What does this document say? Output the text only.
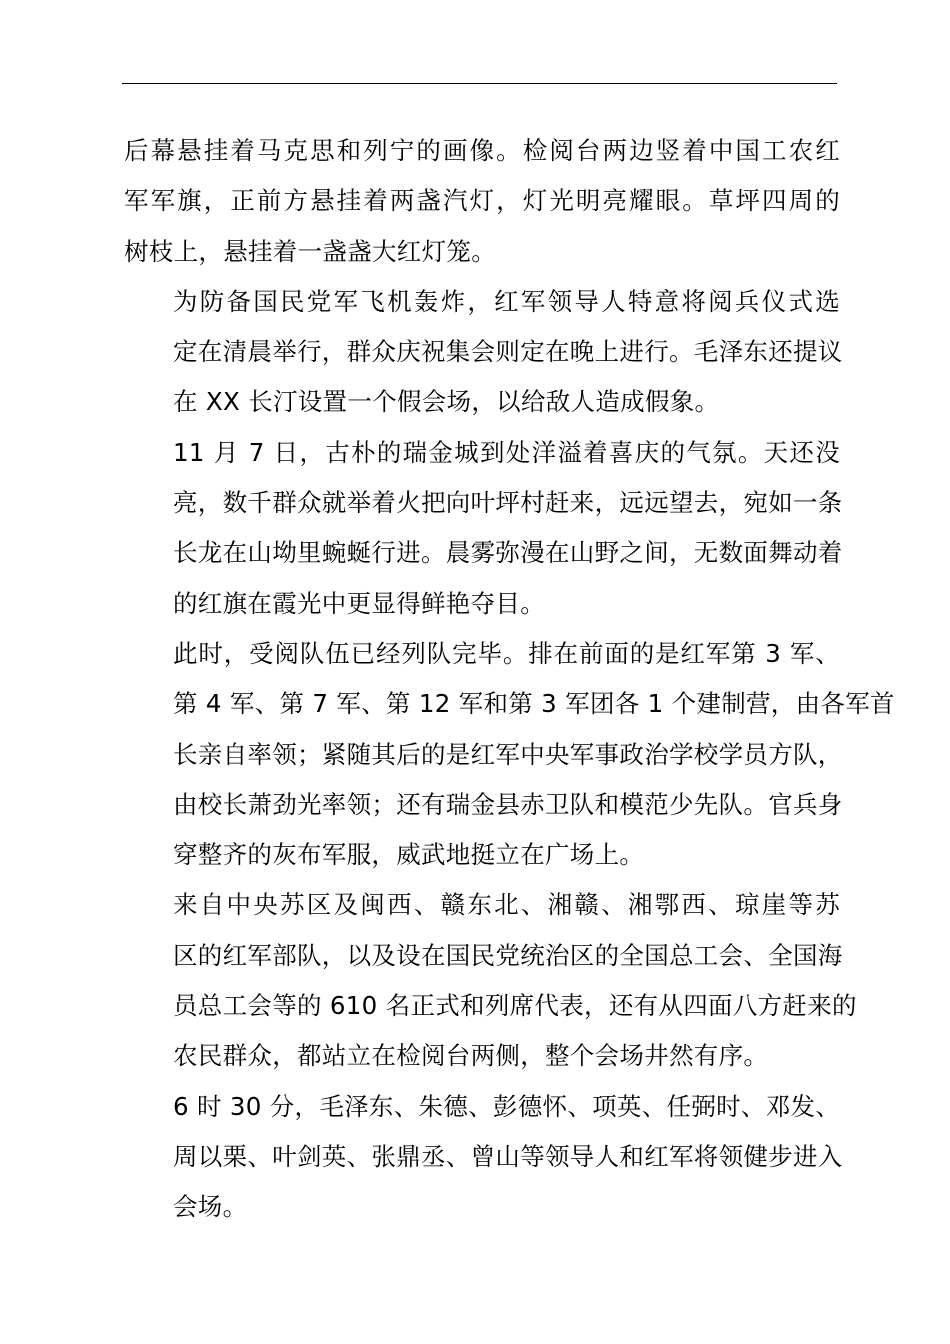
后幕悬挂着马克思和列宁的画像。检阅台两边竖着中国工农红
军军旗，正前方悬挂着两盏汽灯，灯光明亮耀眼。草坪四周的
树枝上，悬挂着一盏盏大红灯笼。

为防备国民党军飞机轰炸，红军领导人特意将阅兵仪式选
定在清晨举行，群众庆祝集会则定在晚上进行。毛泽东还提议
在 XX 长汀设置一个假会场，以给敌人造成假象。

11 月 7 日，古朴的瑞金城到处洋溢着喜庆的气氛。天还没
亮，数千群众就举着火把向叶坪村赶来，远远望去，宛如一条
长龙在山坳里蜿蜒行进。晨雾弥漫在山野之间，无数面舞动着
的红旗在霞光中更显得鲜艳夺目。

此时，受阅队伍已经列队完毕。排在前面的是红军第 3 军、
第 4 军、第 7 军、第 12 军和第 3 军团各 1 个建制营，由各军首
长亲自率领；紧随其后的是红军中央军事政治学校学员方队，
由校长萧劲光率领；还有瑞金县赤卫队和模范少先队。官兵身
穿整齐的灰布军服，威武地挺立在广场上。

来自中央苏区及闽西、赣东北、湘赣、湘鄂西、琼崖等苏
区的红军部队，以及设在国民党统治区的全国总工会、全国海
员总工会等的 610 名正式和列席代表，还有从四面八方赶来的
农民群众，都站立在检阅台两侧，整个会场井然有序。

6 时 30 分，毛泽东、朱德、彭德怀、项英、任弼时、邓发、
周以栗、叶剑英、张鼎丞、曾山等领导人和红军将领健步进入
会场。
